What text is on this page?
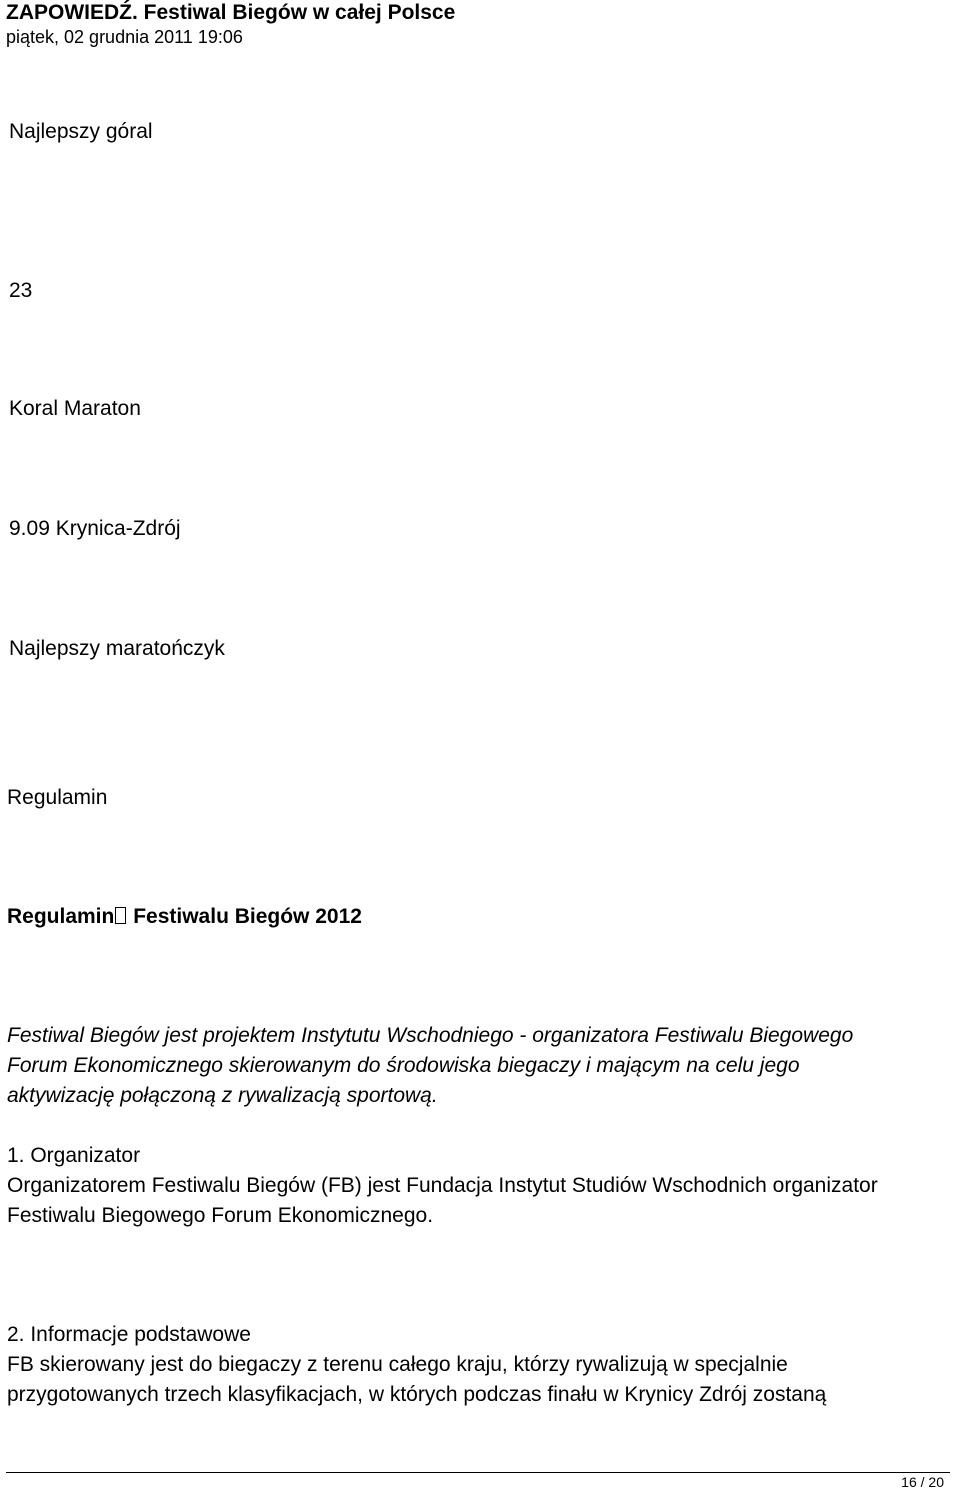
ZAPOWIEDŹ. Festiwal Biegów w całej Polsce
piątek, 02 grudnia 2011 19:06
Najlepszy góral
23
Koral Maraton
9.09 Krynica-Zdrój
Najlepszy maratończyk
Regulamin
Regulamin Festiwalu Biegów 2012
Festiwal Biegów jest projektem Instytutu Wschodniego - organizatora Festiwalu Biegowego
Forum Ekonomicznego skierowanym do środowiska biegaczy i mającym na celu jego
aktywizację połączoną z rywalizacją sportową.
1. Organizator
Organizatorem Festiwalu Biegów (FB) jest Fundacja Instytut Studiów Wschodnich organizator
Festiwalu Biegowego Forum Ekonomicznego.
2. Informacje podstawowe
FB skierowany jest do biegaczy z terenu całego kraju, którzy rywalizują w specjalnie
przygotowanych trzech klasyfikacjach, w których podczas finału w Krynicy Zdrój zostaną
16 / 20
